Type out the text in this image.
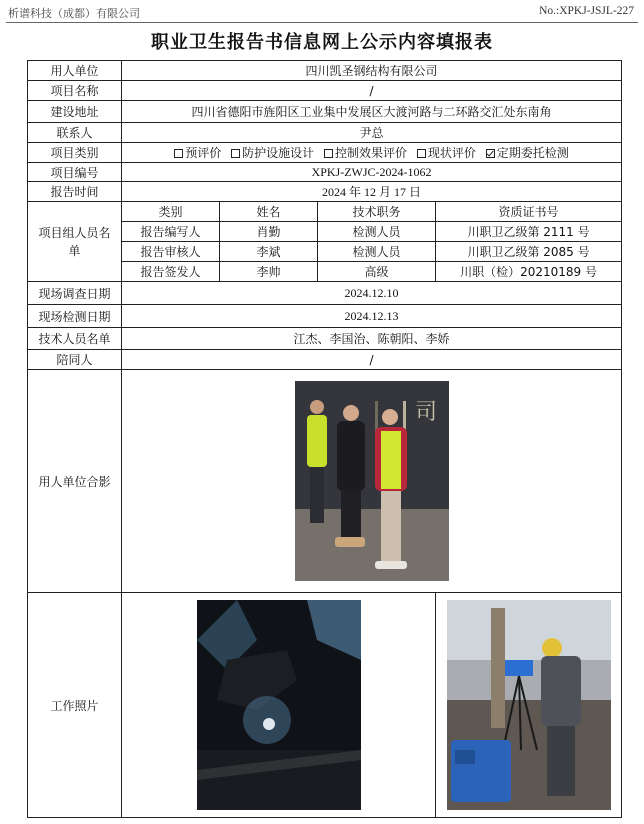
析谱科技（成都）有限公司	No.:XPKJ-JSJL-227
职业卫生报告书信息网上公示内容填报表
用人单位	四川凯圣钢结构有限公司			
项目名称	/			
建设地址	四川省德阳市旌阳区工业集中发展区大渡河路与二环路交汇处东南角			
联系人	尹总			
项目类别	预评价 防护设施设计 控制效果评价 现状评价 定期委托检测			
项目编号	XPKJ-ZWJC-2024-1062			
报告时间	2024 年 12 月 17 日			
项目组人员名单	类别	姓名	技术职务	资质证书号
	报告编写人	肖勤	检测人员	川职卫乙级第 2111 号
	报告审核人	李斌	检测人员	川职卫乙级第 2085 号
	报告签发人	李帅	高级	川职（检）20210189 号
现场调查日期	2024.12.10			
现场检测日期	2024.12.13			
技术人员名单	江杰、李国治、陈朝阳、李娇			
陪同人	/			
用人单位合影	司			

工作照片	
